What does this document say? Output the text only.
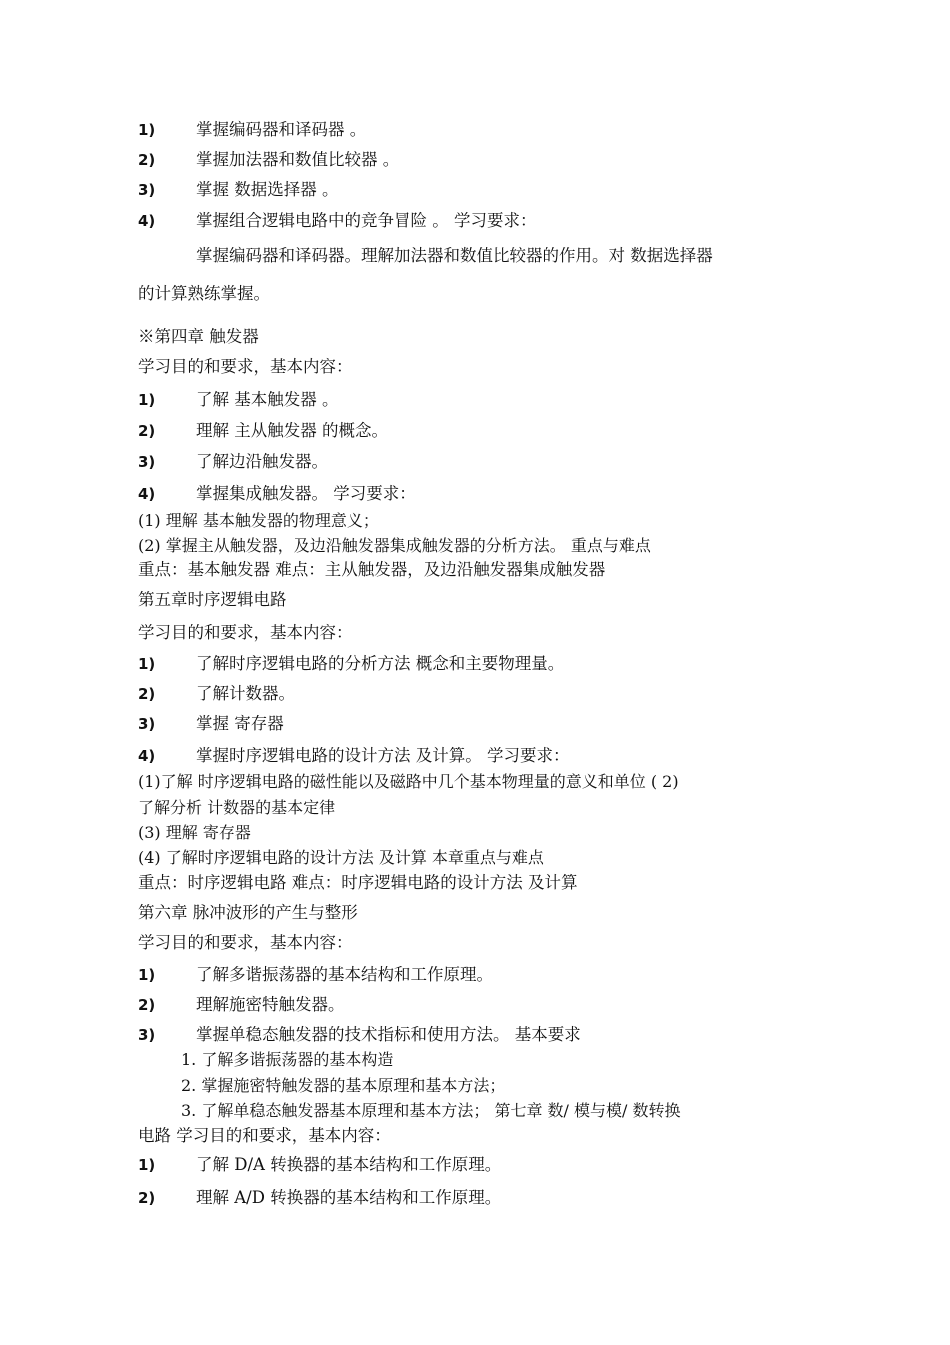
1) 掌握编码器和译码器 。
2) 掌握加法器和数值比较器 。
3) 掌握 数据选择器 。
4) 掌握组合逻辑电路中的竞争冒险 。 学习要求：
掌握编码器和译码器。理解加法器和数值比较器的作用。对 数据选择器
的计算熟练掌握。
※第四章 触发器
学习目的和要求，基本内容：
1) 了解 基本触发器 。
2) 理解 主从触发器 的概念。
3) 了解边沿触发器。
4) 掌握集成触发器。 学习要求：
(1) 理解 基本触发器的物理意义；
(2) 掌握主从触发器，及边沿触发器集成触发器的分析方法。 重点与难点
重点：基本触发器 难点：主从触发器，及边沿触发器集成触发器
第五章时序逻辑电路
学习目的和要求，基本内容：
1) 了解时序逻辑电路的分析方法 概念和主要物理量。
2) 了解计数器。
3) 掌握 寄存器
4) 掌握时序逻辑电路的设计方法 及计算。 学习要求：
(1)了解 时序逻辑电路的磁性能以及磁路中几个基本物理量的意义和单位 ( 2)
了解分析 计数器的基本定律
(3) 理解 寄存器
(4) 了解时序逻辑电路的设计方法 及计算 本章重点与难点
重点：时序逻辑电路 难点：时序逻辑电路的设计方法 及计算
第六章 脉冲波形的产生与整形
学习目的和要求，基本内容：
1) 了解多谐振荡器的基本结构和工作原理。
2) 理解施密特触发器。
3) 掌握单稳态触发器的技术指标和使用方法。 基本要求
1. 了解多谐振荡器的基本构造
2. 掌握施密特触发器的基本原理和基本方法；
3. 了解单稳态触发器基本原理和基本方法； 第七章 数/ 模与模/ 数转换
电路 学习目的和要求，基本内容：
1) 了解 D/A 转换器的基本结构和工作原理。
2) 理解 A/D 转换器的基本结构和工作原理。
